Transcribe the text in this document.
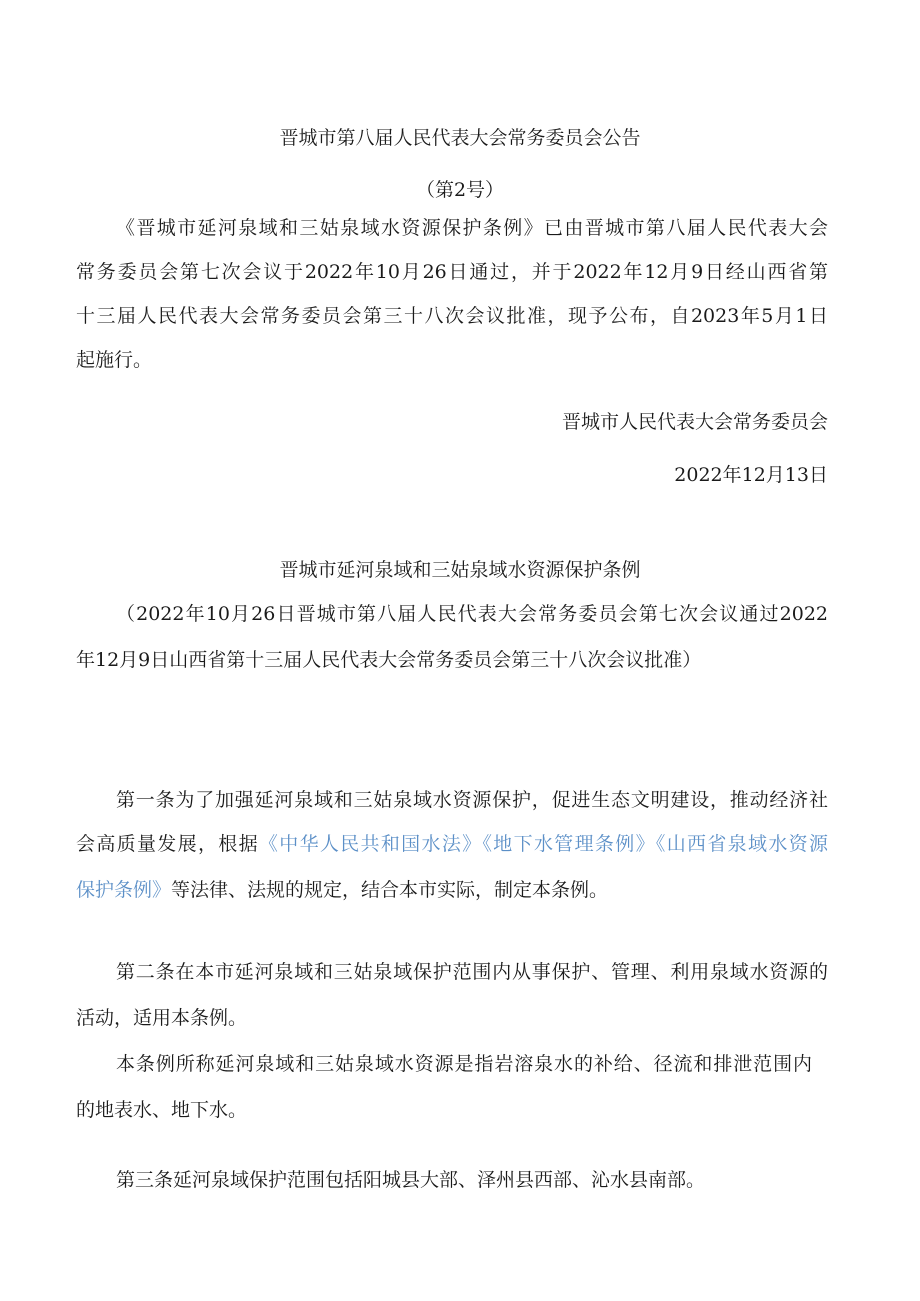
晋城市第八届人民代表大会常务委员会公告
（第2号）
《晋城市延河泉域和三姑泉域水资源保护条例》已由晋城市第八届人民代表大会
常务委员会第七次会议于2022年10月26日通过，并于2022年12月9日经山西省第
十三届人民代表大会常务委员会第三十八次会议批准，现予公布，自2023年5月1日
起施行。
晋城市人民代表大会常务委员会
2022年12月13日
晋城市延河泉域和三姑泉域水资源保护条例
（2022年10月26日晋城市第八届人民代表大会常务委员会第七次会议通过2022
年12月9日山西省第十三届人民代表大会常务委员会第三十八次会议批准）
第一条为了加强延河泉域和三姑泉域水资源保护，促进生态文明建设，推动经济社
会高质量发展，根据《中华人民共和国水法》《地下水管理条例》《山西省泉域水资源
保护条例》等法律、法规的规定，结合本市实际，制定本条例。
第二条在本市延河泉域和三姑泉域保护范围内从事保护、管理、利用泉域水资源的
活动，适用本条例。
本条例所称延河泉域和三姑泉域水资源是指岩溶泉水的补给、径流和排泄范围内
的地表水、地下水。
第三条延河泉域保护范围包括阳城县大部、泽州县西部、沁水县南部。
